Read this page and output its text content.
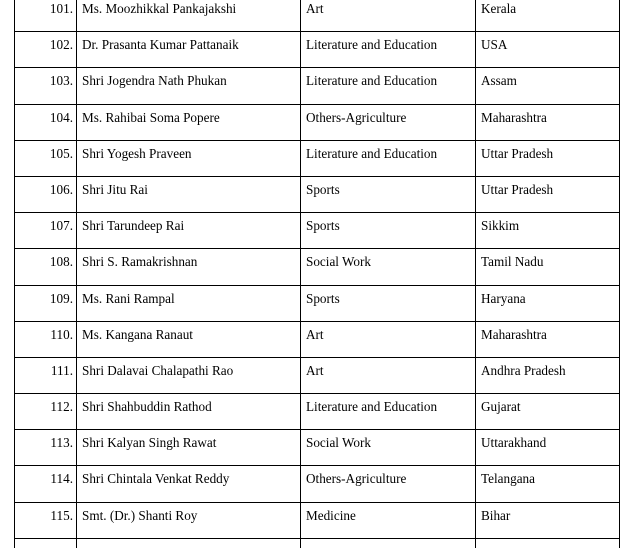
101.	Ms. Moozhikkal Pankajakshi	Art	Kerala

102.	Dr. Prasanta Kumar Pattanaik	Literature and Education	USA

103.	Shri Jogendra Nath Phukan	Literature and Education	Assam

104.	Ms. Rahibai Soma Popere	Others-Agriculture	Maharashtra

105.	Shri Yogesh Praveen	Literature and Education	Uttar Pradesh

106.	Shri Jitu Rai	Sports	Uttar Pradesh

107.	Shri Tarundeep Rai	Sports	Sikkim

108.	Shri S. Ramakrishnan	Social Work	Tamil Nadu

109.	Ms. Rani Rampal	Sports	Haryana

110.	Ms. Kangana Ranaut	Art	Maharashtra

111.	Shri Dalavai Chalapathi Rao	Art	Andhra Pradesh

112.	Shri Shahbuddin Rathod	Literature and Education	Gujarat

113.	Shri Kalyan Singh Rawat	Social Work	Uttarakhand

114.	Shri Chintala Venkat Reddy	Others-Agriculture	Telangana

115.	Smt. (Dr.) Shanti Roy	Medicine	Bihar
